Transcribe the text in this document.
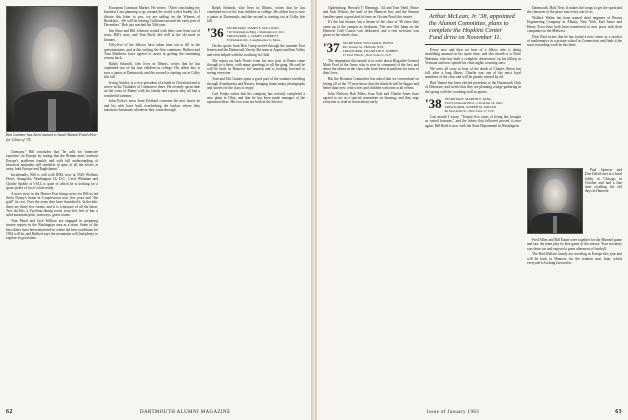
Ben Latimer has been named to head Alumni Fund drive for Class of '35.

Germany." Bill concludes that "he calls for 'intensive expertise' on Europe by stating that the Britain must confront Europe's problems frankly and with full understanding of historical antipathy still smolders in spite of all the efforts at unity, both Europe and Englishmen."

Incidentally, Bill is still with IBM, now at 5520 Wollinsr Drive, Annapolis, Washington 16, D.C., Cecil Whitman and Charlie Spoble at VSLI, is quite of which he is looking for a spare jacket of lot of white ready.

A news story in the Denver Post brings news for Bill as ted Steve Dousy's home in Cooperstown now five years and "the gold" its cost. Over the years they have furnished it. In the attic there are thirty-five rooms, and it is a mixture of all the latest. Two ski-lifts, a Tyrolean dining room, sixty-five feet of bar, a solid mountain piste, stairways, guest rooms.

Tom Pattal and Jack Wallace are engaged in preparing trustee reports in the Washington area as a team. Some of the best skiers have been interested in where the best conditions for 1963 will be, and Hulbert says the mountains will find plenty to explore in good time.

European Common Market. He writes: "After concluding my business I am planning to go around the world with a buddy. As I dictate this letter to you, we are sailing on the Witness of Breakfast... We will be leaving California around the early part of December." Bob just reached his 54th year.

Jim Rose and Bill Johnson visited with their sons from out of town. Bill's sons, and Tom Sheil, did well at the ski meet in January.

Fifty-five of the fellows have taken time out to fill in the questionnaires, and at this writing the flow continues. Hulbert and Tom Matthews have agreed to assist in getting the remaining returns back.

Ralph Schmidt, who lives in Illinois, writes that he has combined two of his four children in college. His oldest boy is now a junior at Dartmouth, and the second is starting out at Colby this fall.

Irving Ainsley is a vice-president of a bank in Cleveland and is active in the Chamber of Commerce there. He recently spent time on the coast of Maine with his family and reports they all had a wonderful summer.

John Foley's news from Portland concerns the new house he and his wife have built overlooking the harbor, where they entertain classmates whenever they come through.

Ralph Schmidt, who lives in Illinois, writes that he has combined two of his four children in college. His oldest boy is now a junior at Dartmouth, and the second is starting out at Colby this fall.

'36 SECRETARY, JAMES F. SULLIVAN
710 Washington Bldg., Washington 5, D.C.
TREASURER, J. JAMES CORBETT
33 Parkside Rd., Longmeadow 6, Mass.

On the sports front Bert Camp served through the summer Toni Jensen and the Dartmouth Varsity Ski team at Aspen and Sun Valley and even helped with the coaching in Chile.

The report on Jack Norris from his new post in Rome came through in a letter, with many greetings to all the gang. He said he will be back in Hanover for reunion and is looking forward to seeing everyone.

Tom and Dot Gaines spent a good part of the summer traveling through Scandinavia and Russia, bringing home many photographs and stories for the class to enjoy.

Carl Friday writes that his company has recently completed a new plant in Ohio, and that he has been made manager of the operation there. His two sons are both in the Service.

62	DARTMOUTH ALUMNI MAGAZINE

Ogdensburg, Howard T. Harnings, '44 and Tom Sheil, Bruce and Jack Wilson, the staff of the Hanover Inn, and the Sinuses families spent a great deal of time on Occom Pond this winter.

It's the last feature, but a dream of the class of '36 since they came up to the campus as freshmen. The new Ski Jump on the Hanover Golf Course was dedicated, and a real welcome was given to the whole class.

'37 SECRETARY, WILLIAM K. BOYD
Mt. Vernon St., Hatfield, N.H.
TREASURER, FRANKLIN E. JOBBIN
15 East 79th St., New York 21, N.Y.

The temptation this month is to write about Brigadier-General Mark Ford of the Army who is now in command of the fort, and about the others in the class who have been in uniform for most of their lives.

But the Reunion Committee has asked that we concentrate on letting all of the '37 men know that the thirtieth will be bigger and better than ever, with wives and children welcome at all events.

John Neilson, Bob Miles, Ivan Vale and Charlie Jones have agreed to act as a special committee on housing, and they urge everyone to send in reservations early.

Arthur McLean, Jr. '38, appointed the Alumni Committee, plans to complete the Hopkins Center Fund drive on November 11.

Every now and then we hear of a fellow who is doing something unusual in his spare time, and this month it is Dave Sherman, who has built a complete observatory on his hilltop in Vermont and now spends his clear nights counting stars.

We were all sorry to hear of the death of Charles Ahern last fall, after a long illness. Charlie was one of the most loyal members of the class and will be greatly missed by all.

Bud Tanner has been elected president of the Dartmouth Club of Delaware, and writes that they are planning a large gathering in the spring with the coaching staff as guests.

'38 SECRETARY, MARTIN E. KING
3545 Fairmount Blvd., Cleveland 18, Ohio
TREASURER, JOSEPH M. MILLER
60 East 42nd St., New York 17, N.Y.

Last month I wrote, "Twenty-five years of living has brought us varied fortunes," and the letters that followed proved it once again. Bill Reed is now with the State Department in Washington.

Dartmouth, Hall, New. It makes the songs to get the spirit and the character of the place into every one of us.

Wallace Walter has been named chief engineer of Brown Engineering Company in Albany, New York. Earl Sauer and Henry Frost have both been transferred to new posts with their companies in the Midwest.

Dick Bird writes that he has found a new career as a teacher of mathematics in a private school in Connecticut and finds it the most rewarding work he has done.

Paul Spencer and Don Deloff met in a hotel lobby in Chicago in October and had a fine time recalling the old days in Hanover.

Fred Allen and Bill Eaton were together for the Harvard game and saw the team play its best game of the season. Your secretary was there too and enjoyed a great afternoon of football.

The Bud Wallace family are traveling in Europe this year and will be back in Hanover for the reunion next June, which everyone is looking forward to.

Issue of January 1963	63
